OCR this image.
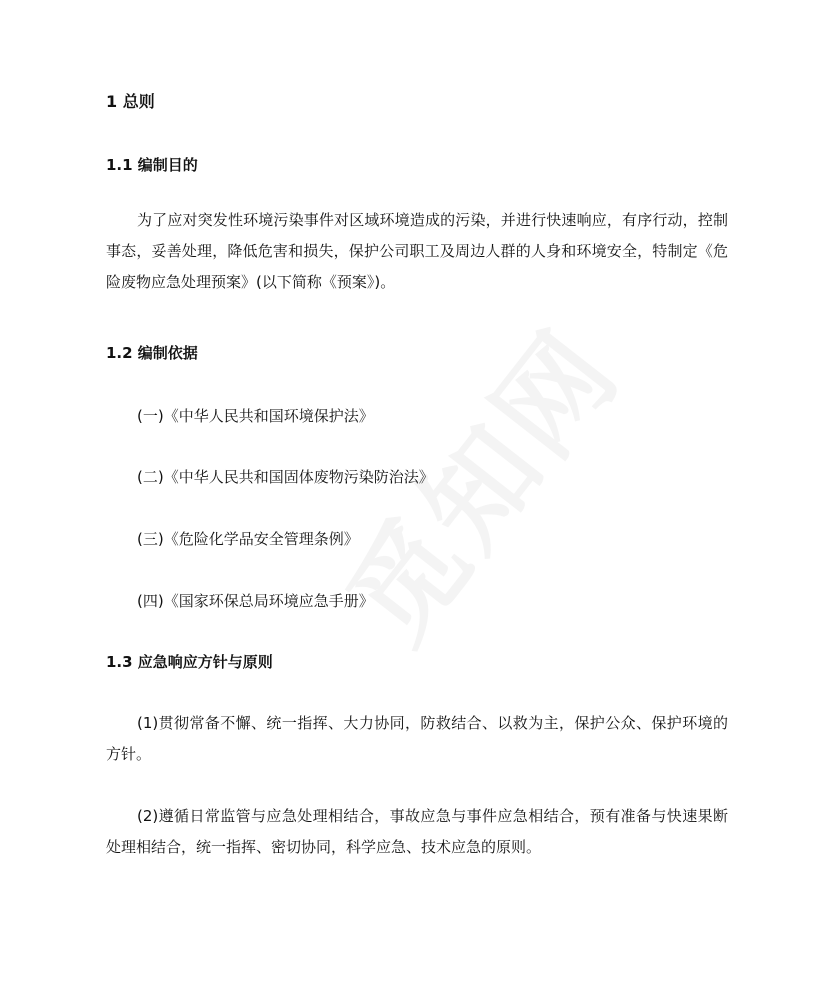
1 总则
1.1 编制目的
为了应对突发性环境污染事件对区域环境造成的污染，并进行快速响应，有序行动，控制事态，妥善处理，降低危害和损失，保护公司职工及周边人群的人身和环境安全，特制定《危险废物应急处理预案》(以下简称《预案》)。
1.2 编制依据
(一)《中华人民共和国环境保护法》
(二)《中华人民共和国固体废物污染防治法》
(三)《危险化学品安全管理条例》
(四)《国家环保总局环境应急手册》
1.3 应急响应方针与原则
(1)贯彻常备不懈、统一指挥、大力协同，防救结合、以救为主，保护公众、保护环境的方针。
(2)遵循日常监管与应急处理相结合，事故应急与事件应急相结合，预有准备与快速果断处理相结合，统一指挥、密切协同，科学应急、技术应急的原则。
